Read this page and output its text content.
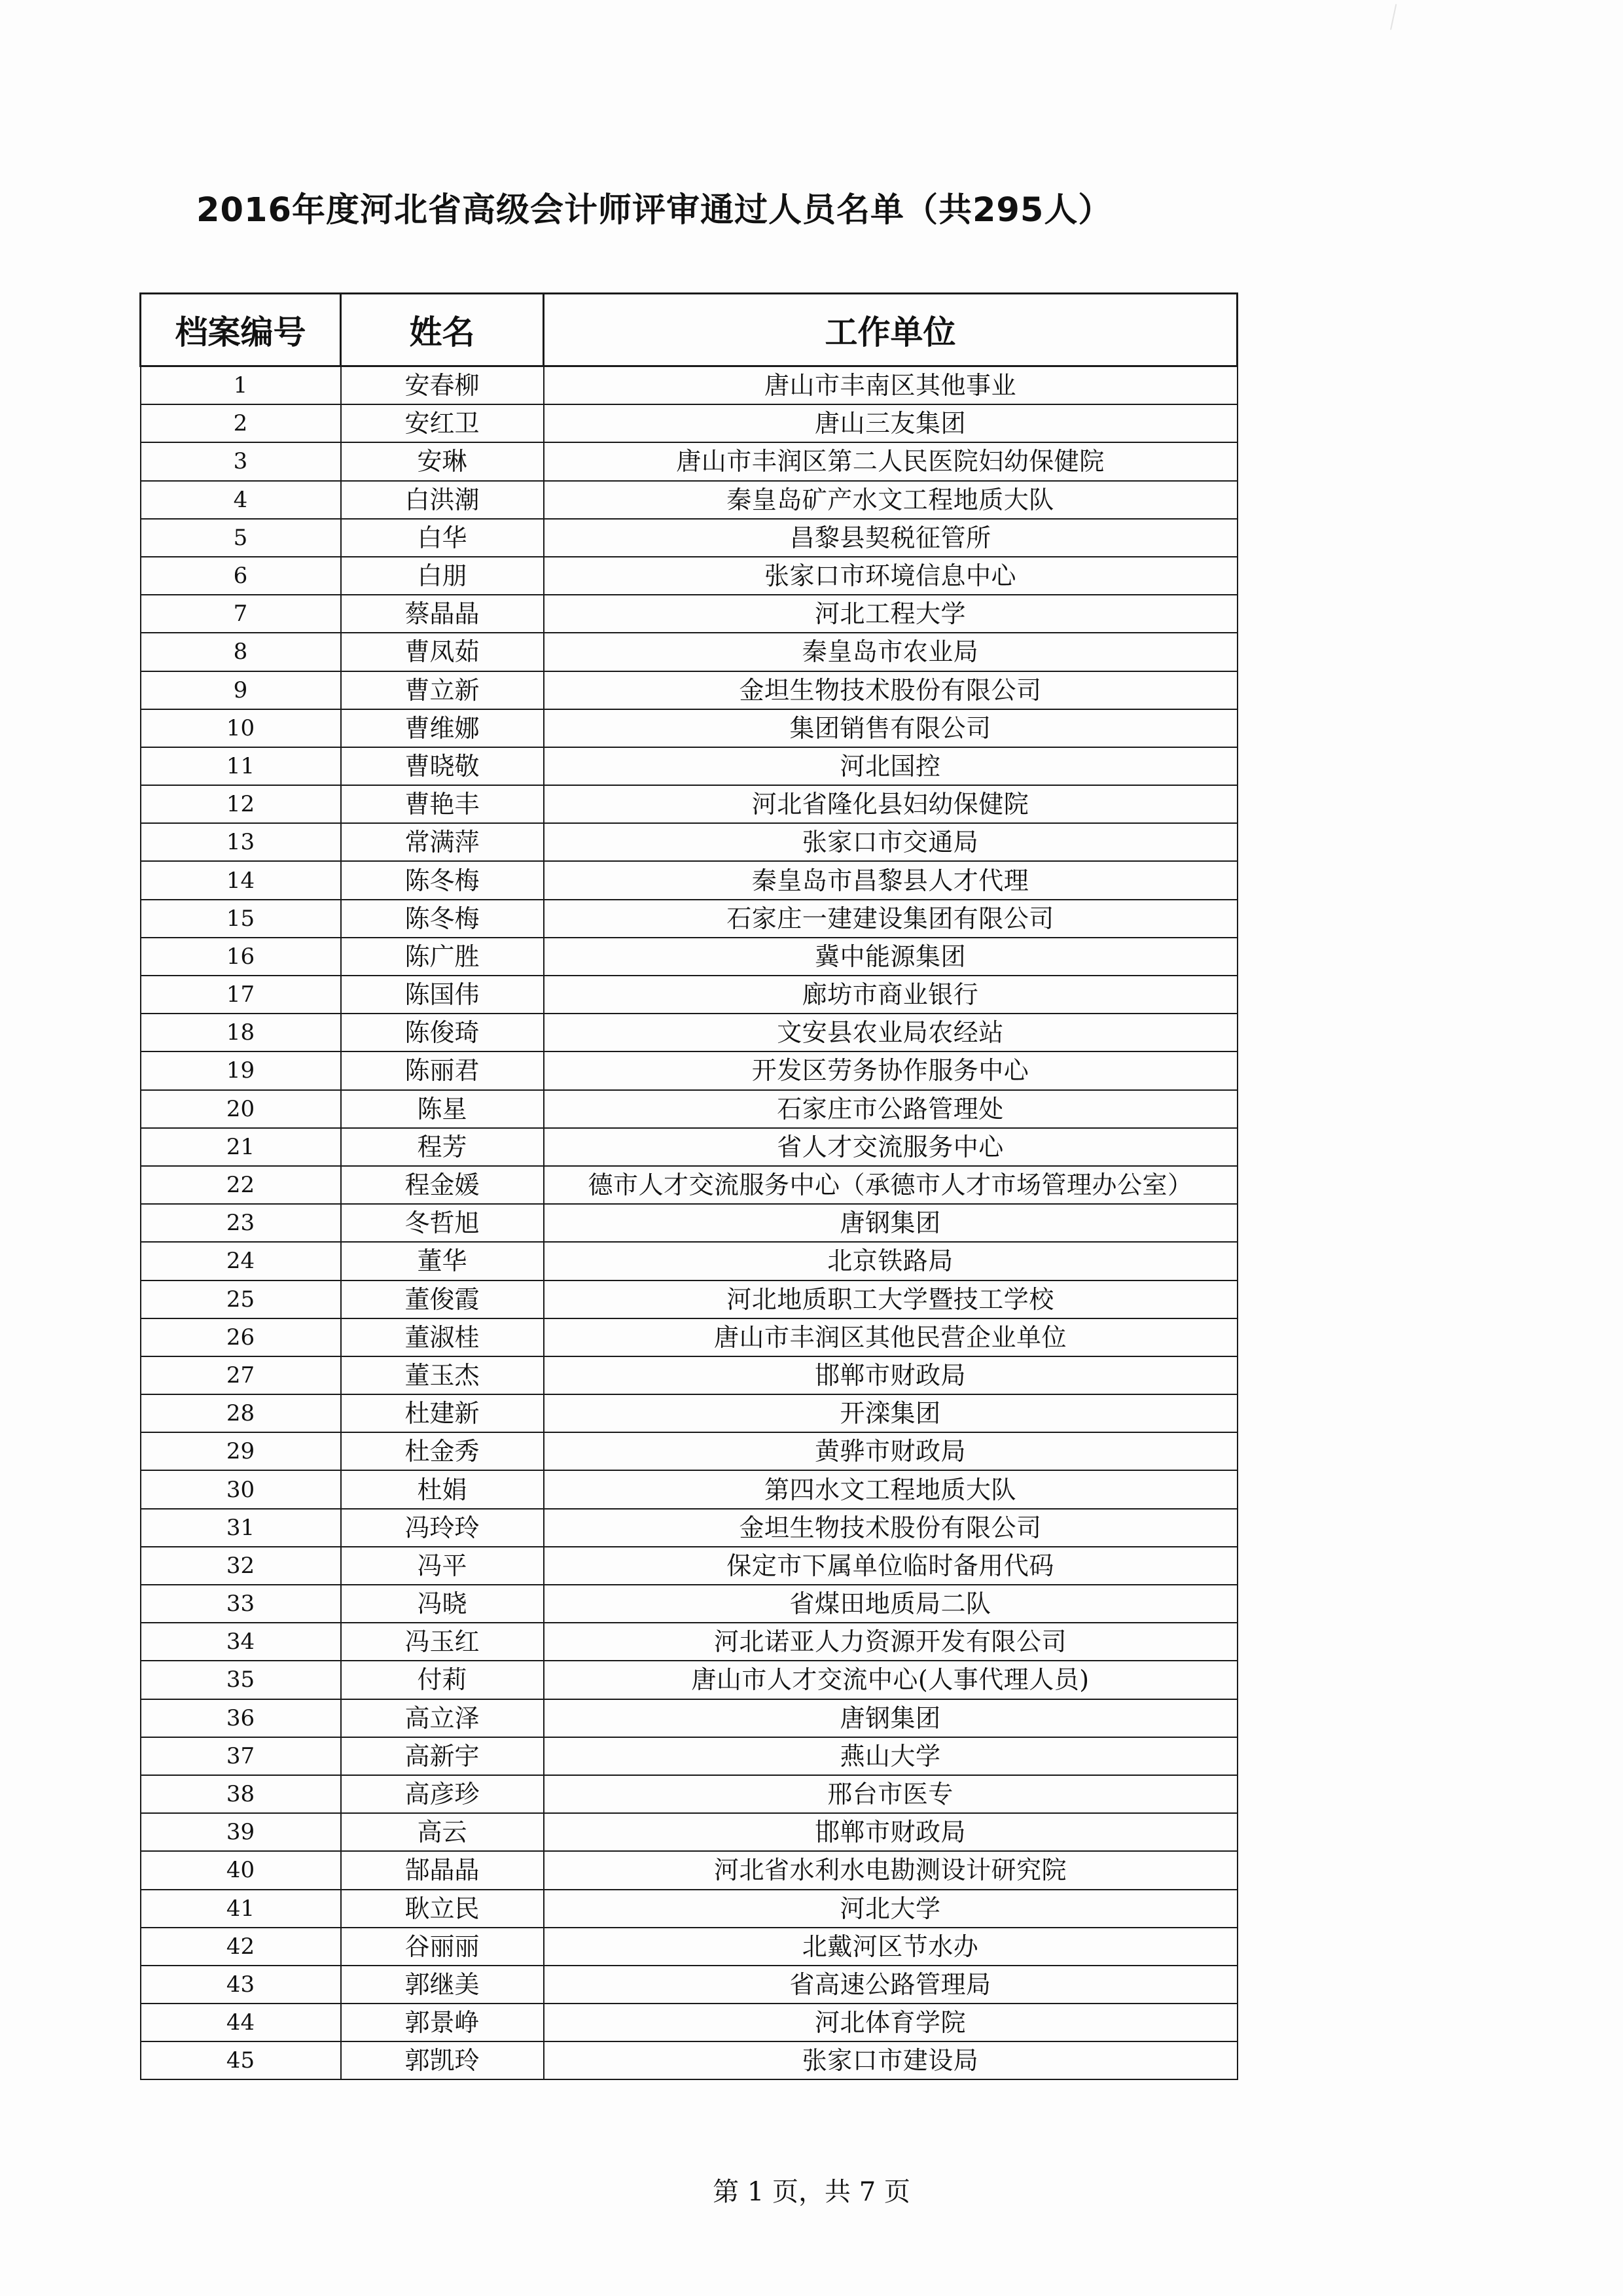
2016年度河北省高级会计师评审通过人员名单（共295人）
档案编号	姓名	工作单位
1	安春柳	唐山市丰南区其他事业
2	安红卫	唐山三友集团
3	安琳	唐山市丰润区第二人民医院妇幼保健院
4	白洪潮	秦皇岛矿产水文工程地质大队
5	白华	昌黎县契税征管所
6	白朋	张家口市环境信息中心
7	蔡晶晶	河北工程大学
8	曹凤茹	秦皇岛市农业局
9	曹立新	金坦生物技术股份有限公司
10	曹维娜	集团销售有限公司
11	曹晓敬	河北国控
12	曹艳丰	河北省隆化县妇幼保健院
13	常满萍	张家口市交通局
14	陈冬梅	秦皇岛市昌黎县人才代理
15	陈冬梅	石家庄一建建设集团有限公司
16	陈广胜	冀中能源集团
17	陈国伟	廊坊市商业银行
18	陈俊琦	文安县农业局农经站
19	陈丽君	开发区劳务协作服务中心
20	陈星	石家庄市公路管理处
21	程芳	省人才交流服务中心
22	程金媛	德市人才交流服务中心（承德市人才市场管理办公室）
23	冬哲旭	唐钢集团
24	董华	北京铁路局
25	董俊霞	河北地质职工大学暨技工学校
26	董淑桂	唐山市丰润区其他民营企业单位
27	董玉杰	邯郸市财政局
28	杜建新	开滦集团
29	杜金秀	黄骅市财政局
30	杜娟	第四水文工程地质大队
31	冯玲玲	金坦生物技术股份有限公司
32	冯平	保定市下属单位临时备用代码
33	冯晓	省煤田地质局二队
34	冯玉红	河北诺亚人力资源开发有限公司
35	付莉	唐山市人才交流中心(人事代理人员)
36	高立泽	唐钢集团
37	高新宇	燕山大学
38	高彦珍	邢台市医专
39	高云	邯郸市财政局
40	郜晶晶	河北省水利水电勘测设计研究院
41	耿立民	河北大学
42	谷丽丽	北戴河区节水办
43	郭继美	省高速公路管理局
44	郭景峥	河北体育学院
45	郭凯玲	张家口市建设局
第 1 页，共 7 页
